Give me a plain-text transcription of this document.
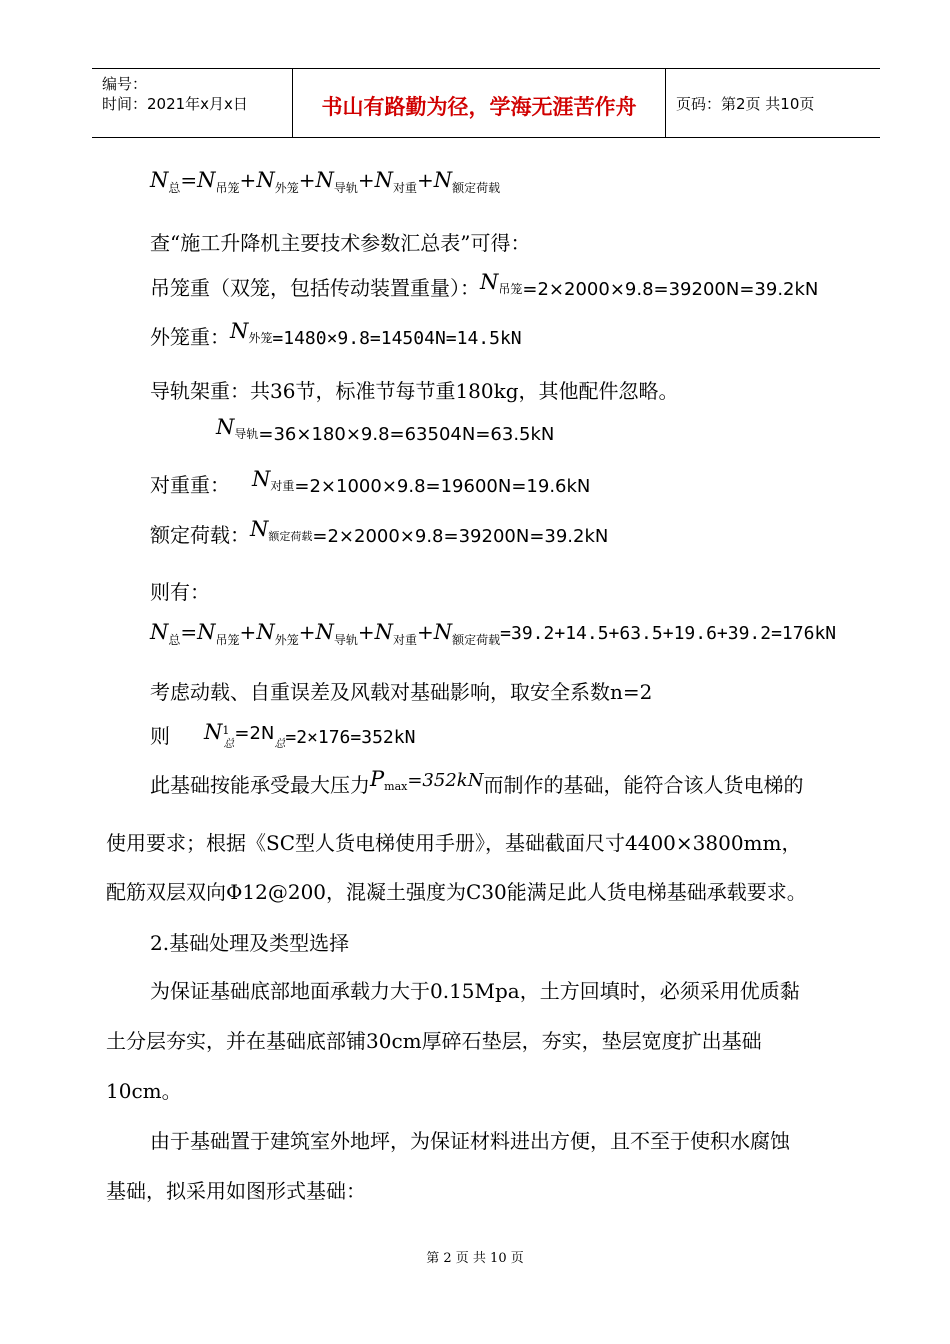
编号：
时间：2021年x月x日	书山有路勤为径，学海无涯苦作舟	页码：第2页 共10页
$N_总=N_{吊笼}+N_{外笼}+N_{导轨}+N_{对重}+N_{额定荷载}$
查“施工升降机主要技术参数汇总表”可得：
吊笼重（双笼，包括传动装置重量）：N吊笼=2×2000×9.8=39200N=39.2kN
外笼重：N外笼=1480×9.8=14504N=14.5kN
导轨架重：共36节，标准节每节重180kg，其他配件忽略。
N导轨=36×180×9.8=63504N=63.5kN
对重重： N对重=2×1000×9.8=19600N=19.6kN
额定荷载：N额定荷载=2×2000×9.8=39200N=39.2kN
则有：
$N_总=N_{吊笼}+N_{外笼}+N_{导轨}+N_{对重}+N_{额定荷载}=39.2+14.5+63.5+19.6+39.2=176kN$
考虑动载、自重误差及风载对基础影响，取安全系数n=2
则 $N^1_总=2N_总=2\times 176=352kN$
此基础按能承受最大压力Pmax=352kN而制作的基础，能符合该人货电梯的
使用要求；根据《SC型人货电梯使用手册》，基础截面尺寸4400×3800mm，
配筋双层双向Φ12@200，混凝土强度为C30能满足此人货电梯基础承载要求。
2.基础处理及类型选择
为保证基础底部地面承载力大于0.15Mpa，土方回填时，必须采用优质黏
土分层夯实，并在基础底部铺30cm厚碎石垫层，夯实，垫层宽度扩出基础
10cm。
由于基础置于建筑室外地坪，为保证材料进出方便，且不至于使积水腐蚀
基础，拟采用如图形式基础：
第 2 页 共 10 页
